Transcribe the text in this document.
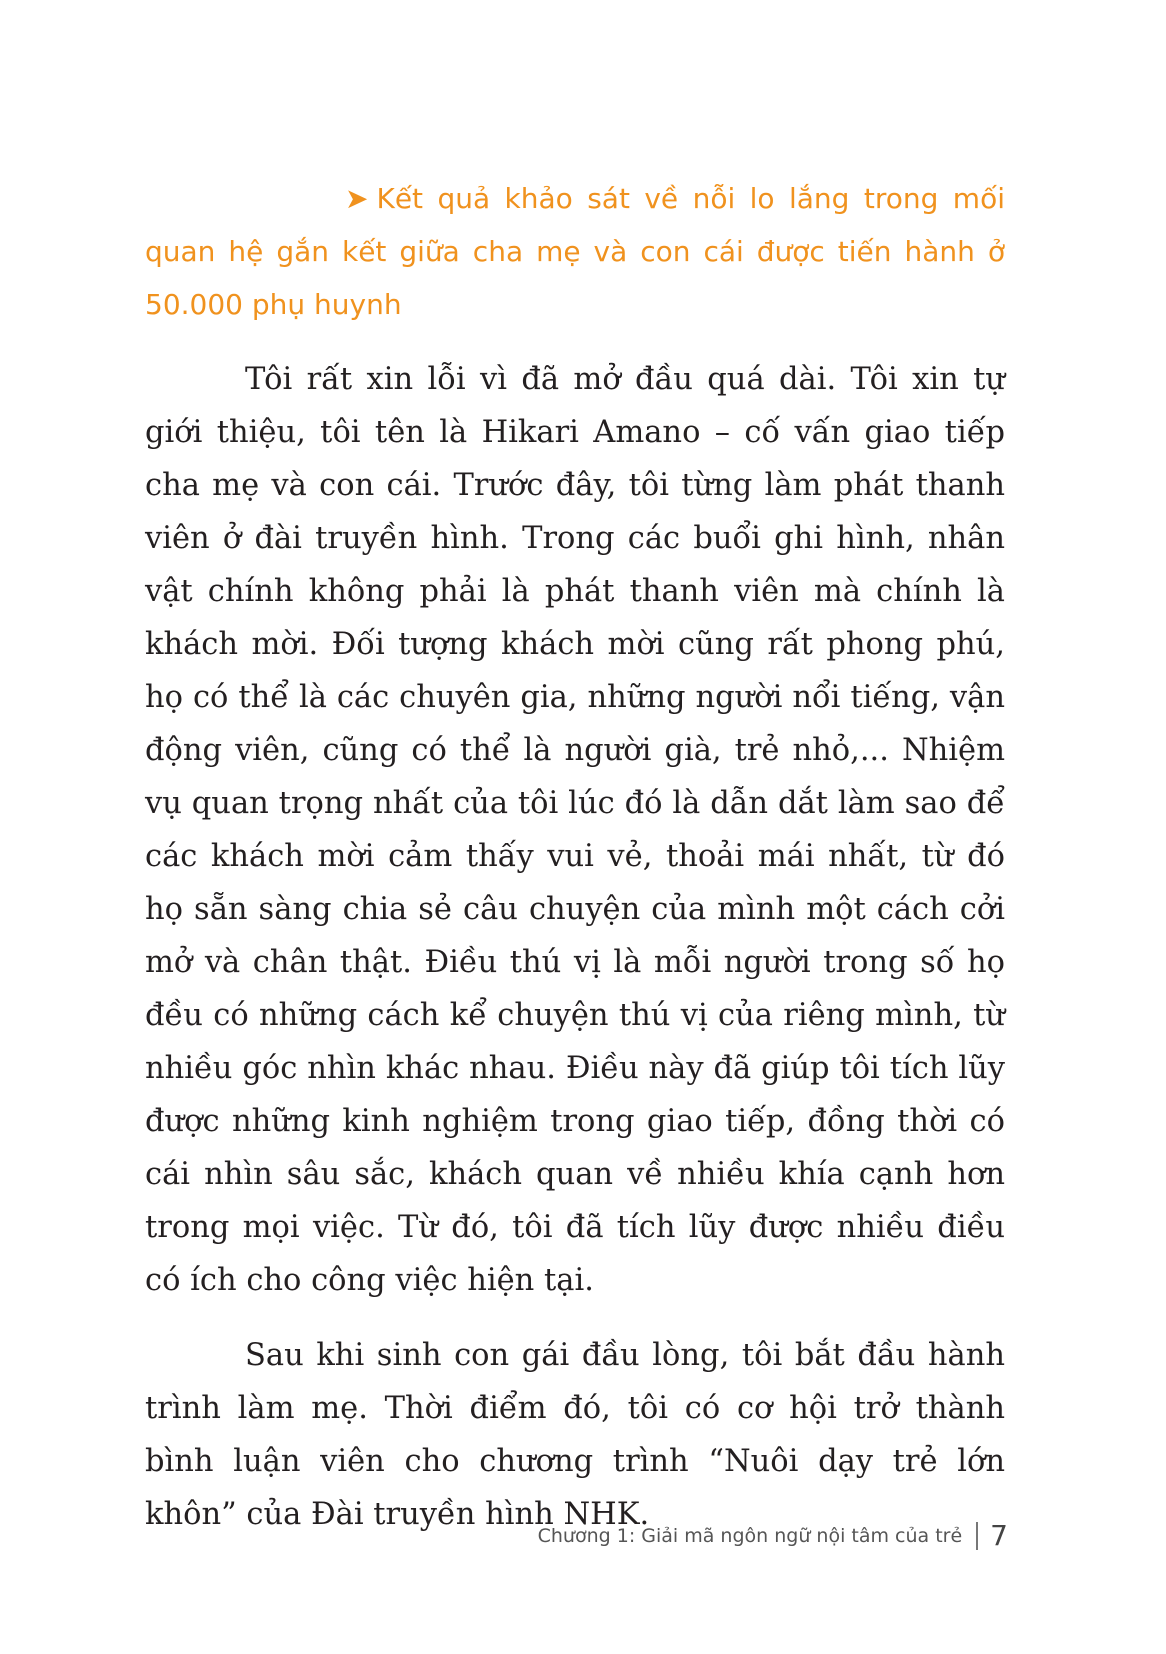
➤ Kết quả khảo sát về nỗi lo lắng trong mối quan hệ gắn kết giữa cha mẹ và con cái được tiến hành ở 50.000 phụ huynh

Tôi rất xin lỗi vì đã mở đầu quá dài. Tôi xin tự giới thiệu, tôi tên là Hikari Amano – cố vấn giao tiếp cha mẹ và con cái. Trước đây, tôi từng làm phát thanh viên ở đài truyền hình. Trong các buổi ghi hình, nhân vật chính không phải là phát thanh viên mà chính là khách mời. Đối tượng khách mời cũng rất phong phú, họ có thể là các chuyên gia, những người nổi tiếng, vận động viên, cũng có thể là người già, trẻ nhỏ,... Nhiệm vụ quan trọng nhất của tôi lúc đó là dẫn dắt làm sao để các khách mời cảm thấy vui vẻ, thoải mái nhất, từ đó họ sẵn sàng chia sẻ câu chuyện của mình một cách cởi mở và chân thật. Điều thú vị là mỗi người trong số họ đều có những cách kể chuyện thú vị của riêng mình, từ nhiều góc nhìn khác nhau. Điều này đã giúp tôi tích lũy được những kinh nghiệm trong giao tiếp, đồng thời có cái nhìn sâu sắc, khách quan về nhiều khía cạnh hơn trong mọi việc. Từ đó, tôi đã tích lũy được nhiều điều có ích cho công việc hiện tại.

Sau khi sinh con gái đầu lòng, tôi bắt đầu hành trình làm mẹ. Thời điểm đó, tôi có cơ hội trở thành bình luận viên cho chương trình “Nuôi dạy trẻ lớn khôn” của Đài truyền hình NHK.

Chương 1: Giải mã ngôn ngữ nội tâm của trẻ 7
